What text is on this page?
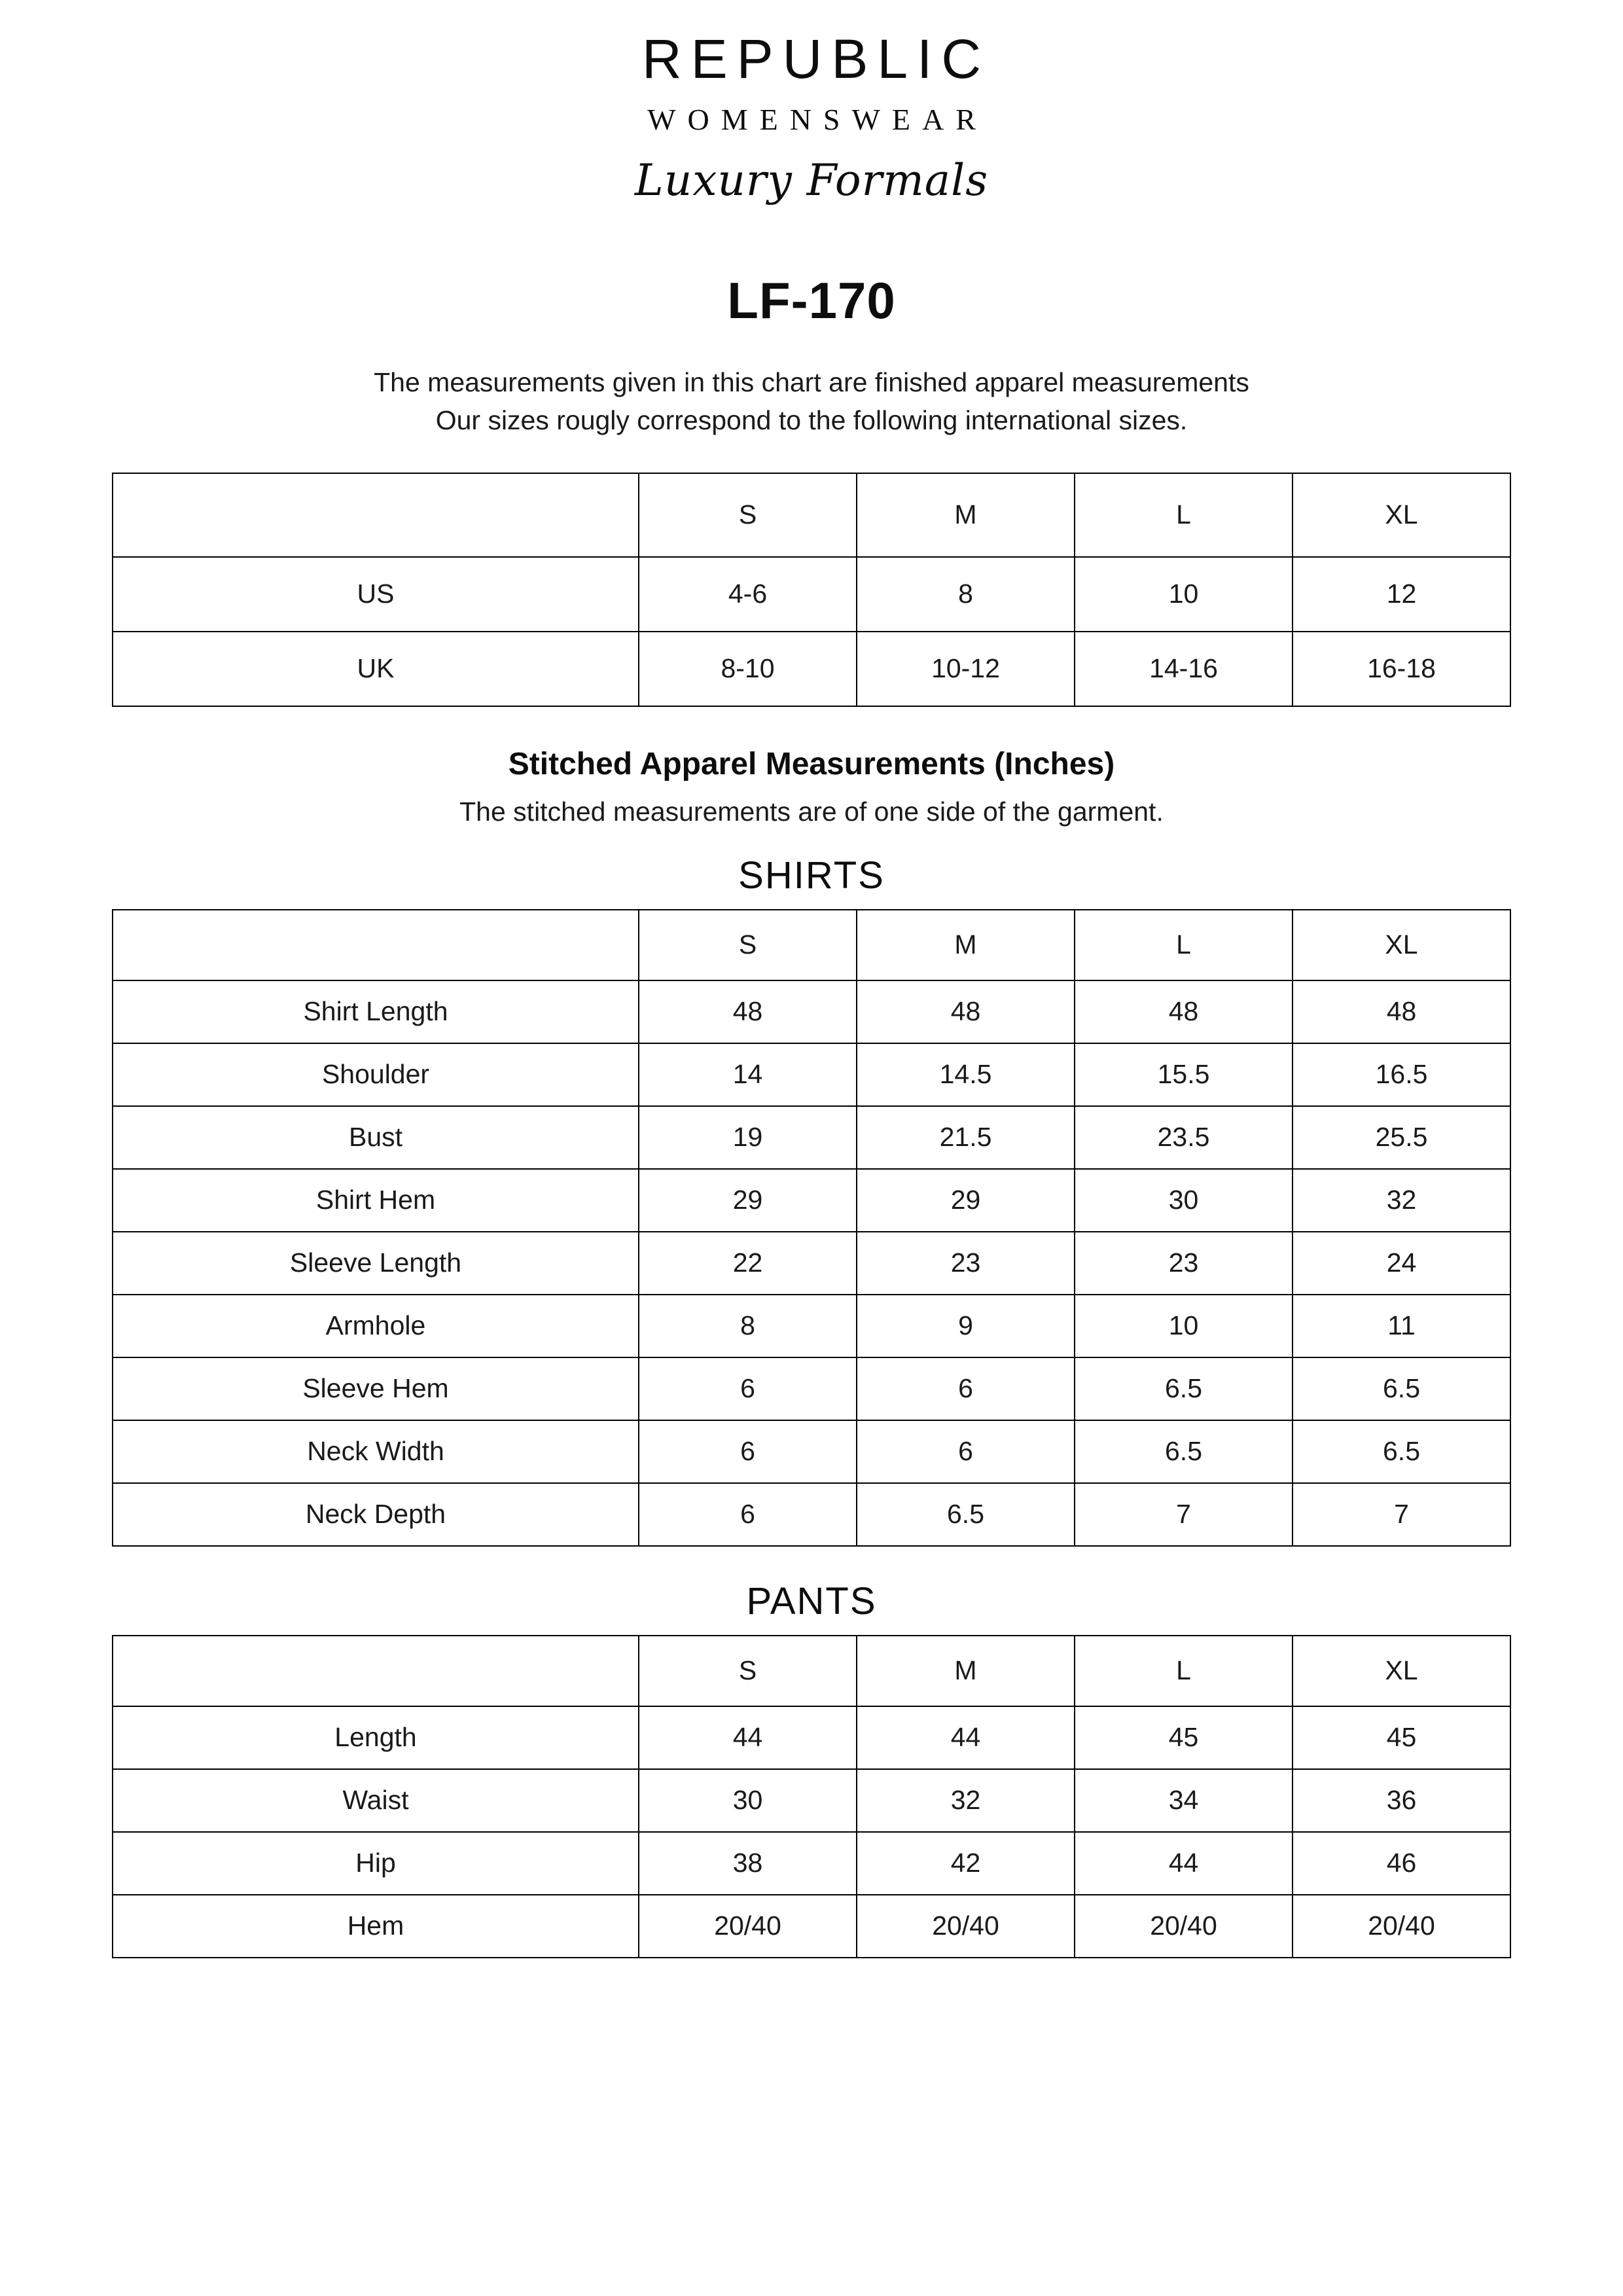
REPUBLIC
WOMENSWEAR
Luxury Formals
LF-170
The measurements given in this chart are finished apparel measurements
Our sizes rougly correspond to the following international sizes.
	S	M	L	XL
US	4-6	8	10	12
UK	8-10	10-12	14-16	16-18
Stitched Apparel Measurements (Inches)
The stitched measurements are of one side of the garment.
SHIRTS
	S	M	L	XL
Shirt Length	48	48	48	48
Shoulder	14	14.5	15.5	16.5
Bust	19	21.5	23.5	25.5
Shirt Hem	29	29	30	32
Sleeve Length	22	23	23	24
Armhole	8	9	10	11
Sleeve Hem	6	6	6.5	6.5
Neck Width	6	6	6.5	6.5
Neck Depth	6	6.5	7	7
PANTS
	S	M	L	XL
Length	44	44	45	45
Waist	30	32	34	36
Hip	38	42	44	46
Hem	20/40	20/40	20/40	20/40
